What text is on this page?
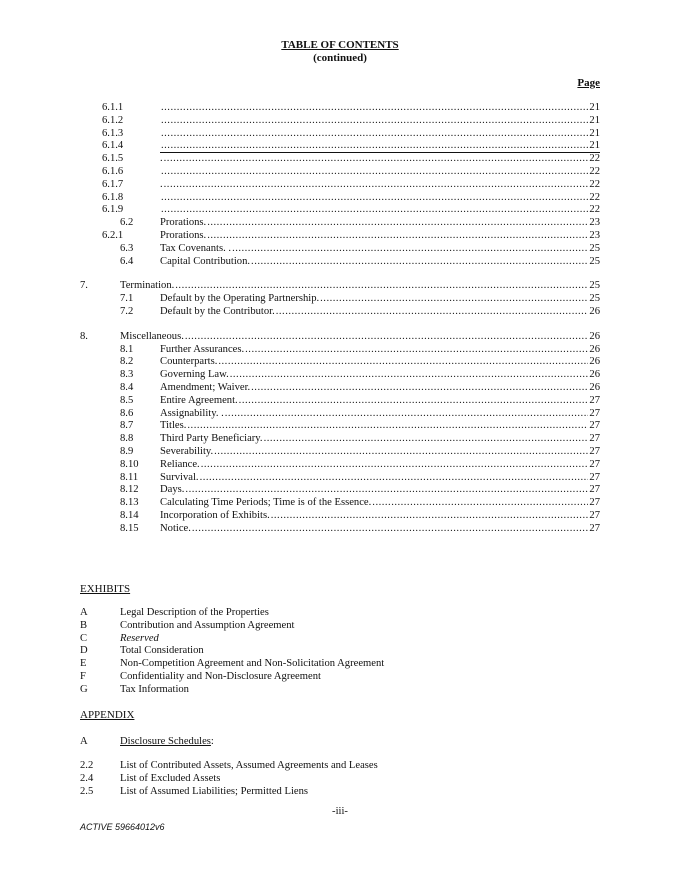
TABLE OF CONTENTS
(continued)
Page
6.1.1 .....	21
6.1.2 .....	21
6.1.3 .....	21
6.1.4 .....	21
6.1.5	. .....	22
6.1.6 .....	22
6.1.7	. .....	22
6.1.8 .....	22
6.1.9 .....	22
6.2	Prorations. .....	23
6.2.1	Prorations. .....	23
6.3	Tax Covenants. . .....	25
6.4	Capital Contribution. .....	25
7.	Termination. .....	25
7.1	Default by the Operating Partnership. .....	25
7.2	Default by the Contributor. .....	26
8.	Miscellaneous. .....	26
8.1	Further Assurances. .....	26
8.2	Counterparts. .....	26
8.3	Governing Law. .....	26
8.4	Amendment; Waiver. .....	26
8.5	Entire Agreement. .....	27
8.6	Assignability. . .....	27
8.7	Titles. .....	27
8.8	Third Party Beneficiary. .....	27
8.9	Severability. .....	27
8.10 Reliance. .....	27
8.11 Survival. .....	27
8.12 Days. .....	27
8.13 Calculating Time Periods; Time is of the Essence. .....	27
8.14 Incorporation of Exhibits. .....	27
8.15 Notice. .....	27
EXHIBITS
A	Legal Description of the Properties
B	Contribution and Assumption Agreement
C	Reserved
D	Total Consideration
E	Non-Competition Agreement and Non-Solicitation Agreement
F	Confidentiality and Non-Disclosure Agreement
G	Tax Information
APPENDIX
A	Disclosure Schedules:
2.2	List of Contributed Assets, Assumed Agreements and Leases
2.4	List of Excluded Assets
2.5	List of Assumed Liabilities; Permitted Liens
-iii-
ACTIVE 59664012v6
